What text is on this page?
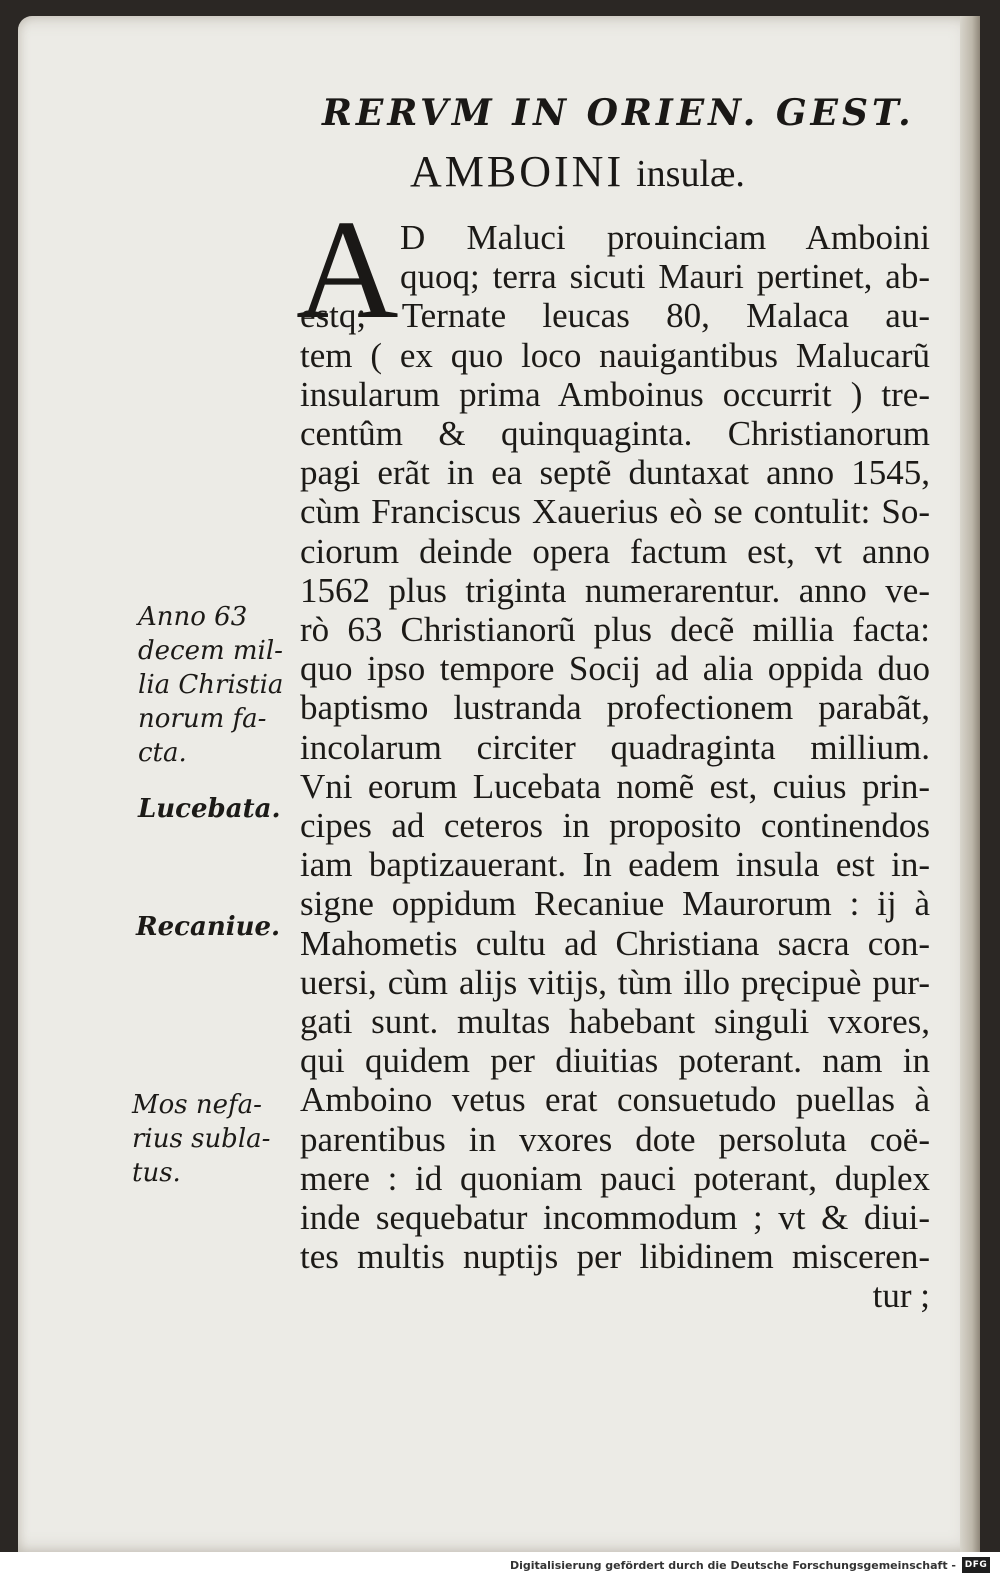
RERVM IN ORIEN. GEST.
AMBOINI insulæ.
A D Maluci prouinciam Amboini
quoq; terra sicuti Mauri pertinet, ab-
estq; Ternate leucas 80, Malaca au-
tem ( ex quo loco nauigantibus Malucarũ
insularum prima Amboinus occurrit ) tre-
centûm & quinquaginta. Christianorum
pagi erãt in ea septẽ duntaxat anno 1545,
cùm Franciscus Xauerius eò se contulit: So-
ciorum deinde opera factum est, vt anno
1562 plus triginta numerarentur. anno ve-
rò 63 Christianorũ plus decẽ millia facta:
quo ipso tempore Socij ad alia oppida duo
baptismo lustranda profectionem parabãt,
incolarum circiter quadraginta millium.
Vni eorum Lucebata nomẽ est, cuius prin-
cipes ad ceteros in proposito continendos
iam baptizauerant. In eadem insula est in-
signe oppidum Recaniue Maurorum : ij à
Mahometis cultu ad Christiana sacra con-
uersi, cùm alijs vitijs, tùm illo pręcipuè pur-
gati sunt. multas habebant singuli vxores,
qui quidem per diuitias poterant. nam in
Amboino vetus erat consuetudo puellas à
parentibus in vxores dote persoluta coë-
mere : id quoniam pauci poterant, duplex
inde sequebatur incommodum ; vt & diui-
tes multis nuptijs per libidinem misceren-
tur ;
Anno 63
decem mil-
lia Christia
norum fa-
cta.
Lucebata.
Recaniue.
Mos nefa-
rius subla-
tus.
Digitalisierung gefördert durch die Deutsche Forschungsgemeinschaft - DFG
